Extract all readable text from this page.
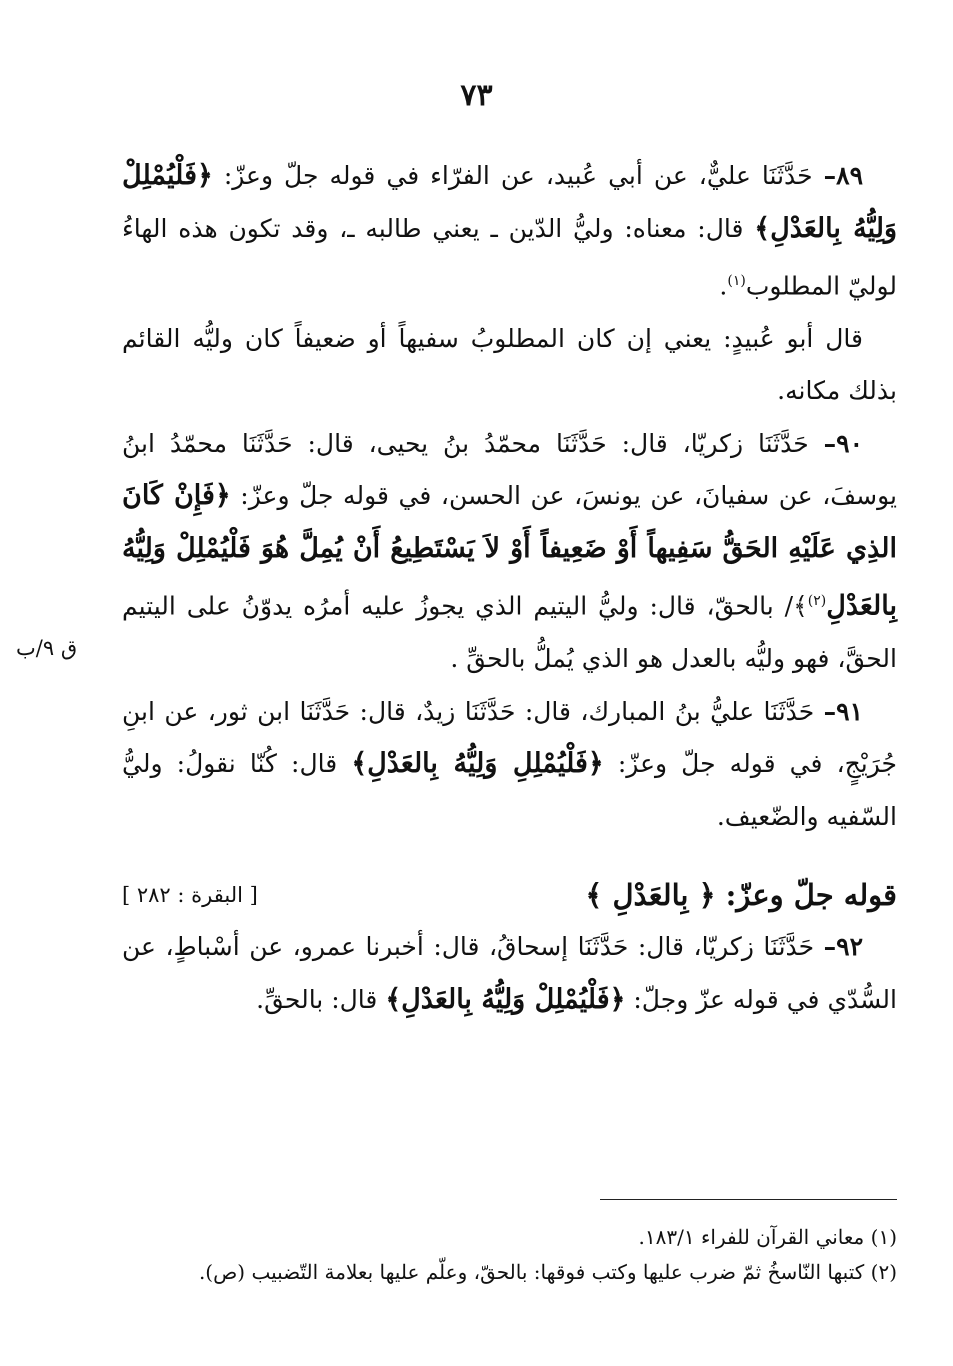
٧٣

٨٩– حَدَّثَنَا عليٌّ، عن أبي عُبيد، عن الفرّاء في قوله جلّ وعزّ: ﴿فَلْيُمْلِلْ وَلِيُّهُ بِالعَدْلِ﴾ قال: معناه: وليُّ الدّين ـ يعني طالبه ـ، وقد تكون هذه الهاءُ لوليّ المطلوب$^{(١)}$.

قال أبو عُبيدٍ: يعني إن كان المطلوبُ سفيهاً أو ضعيفاً كان وليُّه القائم بذلك مكانه.

٩٠– حَدَّثَنَا زكريّا، قال: حَدَّثَنَا محمّدُ بنُ يحيى، قال: حَدَّثَنَا محمّدُ ابنُ يوسفَ، عن سفيانَ، عن يونسَ، عن الحسن، في قوله جلّ وعزّ: ﴿فَإِنْ كَانَ الذِي عَلَيْهِ الحَقُّ سَفِيهاً أَوْ ضَعِيفاً أَوْ لاَ يَسْتَطِيعُ أَنْ يُمِلَّ هُوَ فَلْيُمْلِلْ وَلِيُّهُ بِالعَدْلِ$^{(٢)}$﴾/ بالحقّ، قال: وليُّ اليتيم الذي يجوزُ عليه أمرُه يدوّنُ على اليتيم الحقَّ، فهو وليُّه بالعدل هو الذي يُملُّ بالحقِّ .

٩١– حَدَّثَنَا عليُّ بنُ المبارك، قال: حَدَّثَنَا زيدٌ، قال: حَدَّثَنَا ابن ثور، عن ابنِ جُرَيْجٍ، في قوله جلّ وعزّ: ﴿فَلْيُمْلِلِ وَلِيُّهُ بِالعَدْلِ﴾ قال: كُنّا نقولُ: وليُّ السّفيه والضّعيف.

قوله جلّ وعزّ: ﴿ بِالعَدْلِ ﴾
[ البقرة : ٢٨٢ ]

٩٢– حَدَّثَنَا زكريّا، قال: حَدَّثَنَا إسحاقُ، قال: أخبرنا عمرو، عن أسْباطٍ، عن السُّدّي في قوله عزّ وجلّ: ﴿فَلْيُمْلِلْ وَلِيُّهُ بِالعَدْلِ﴾ قال: بالحقِّ.

ق ٩/ب

(١) معاني القرآن للفراء ١٨٣/١.

(٢) كتبها النّاسخُ ثمّ ضرب عليها وكتب فوقها: بالحقّ، وعلّم عليها بعلامة التّضبيب (ص).
